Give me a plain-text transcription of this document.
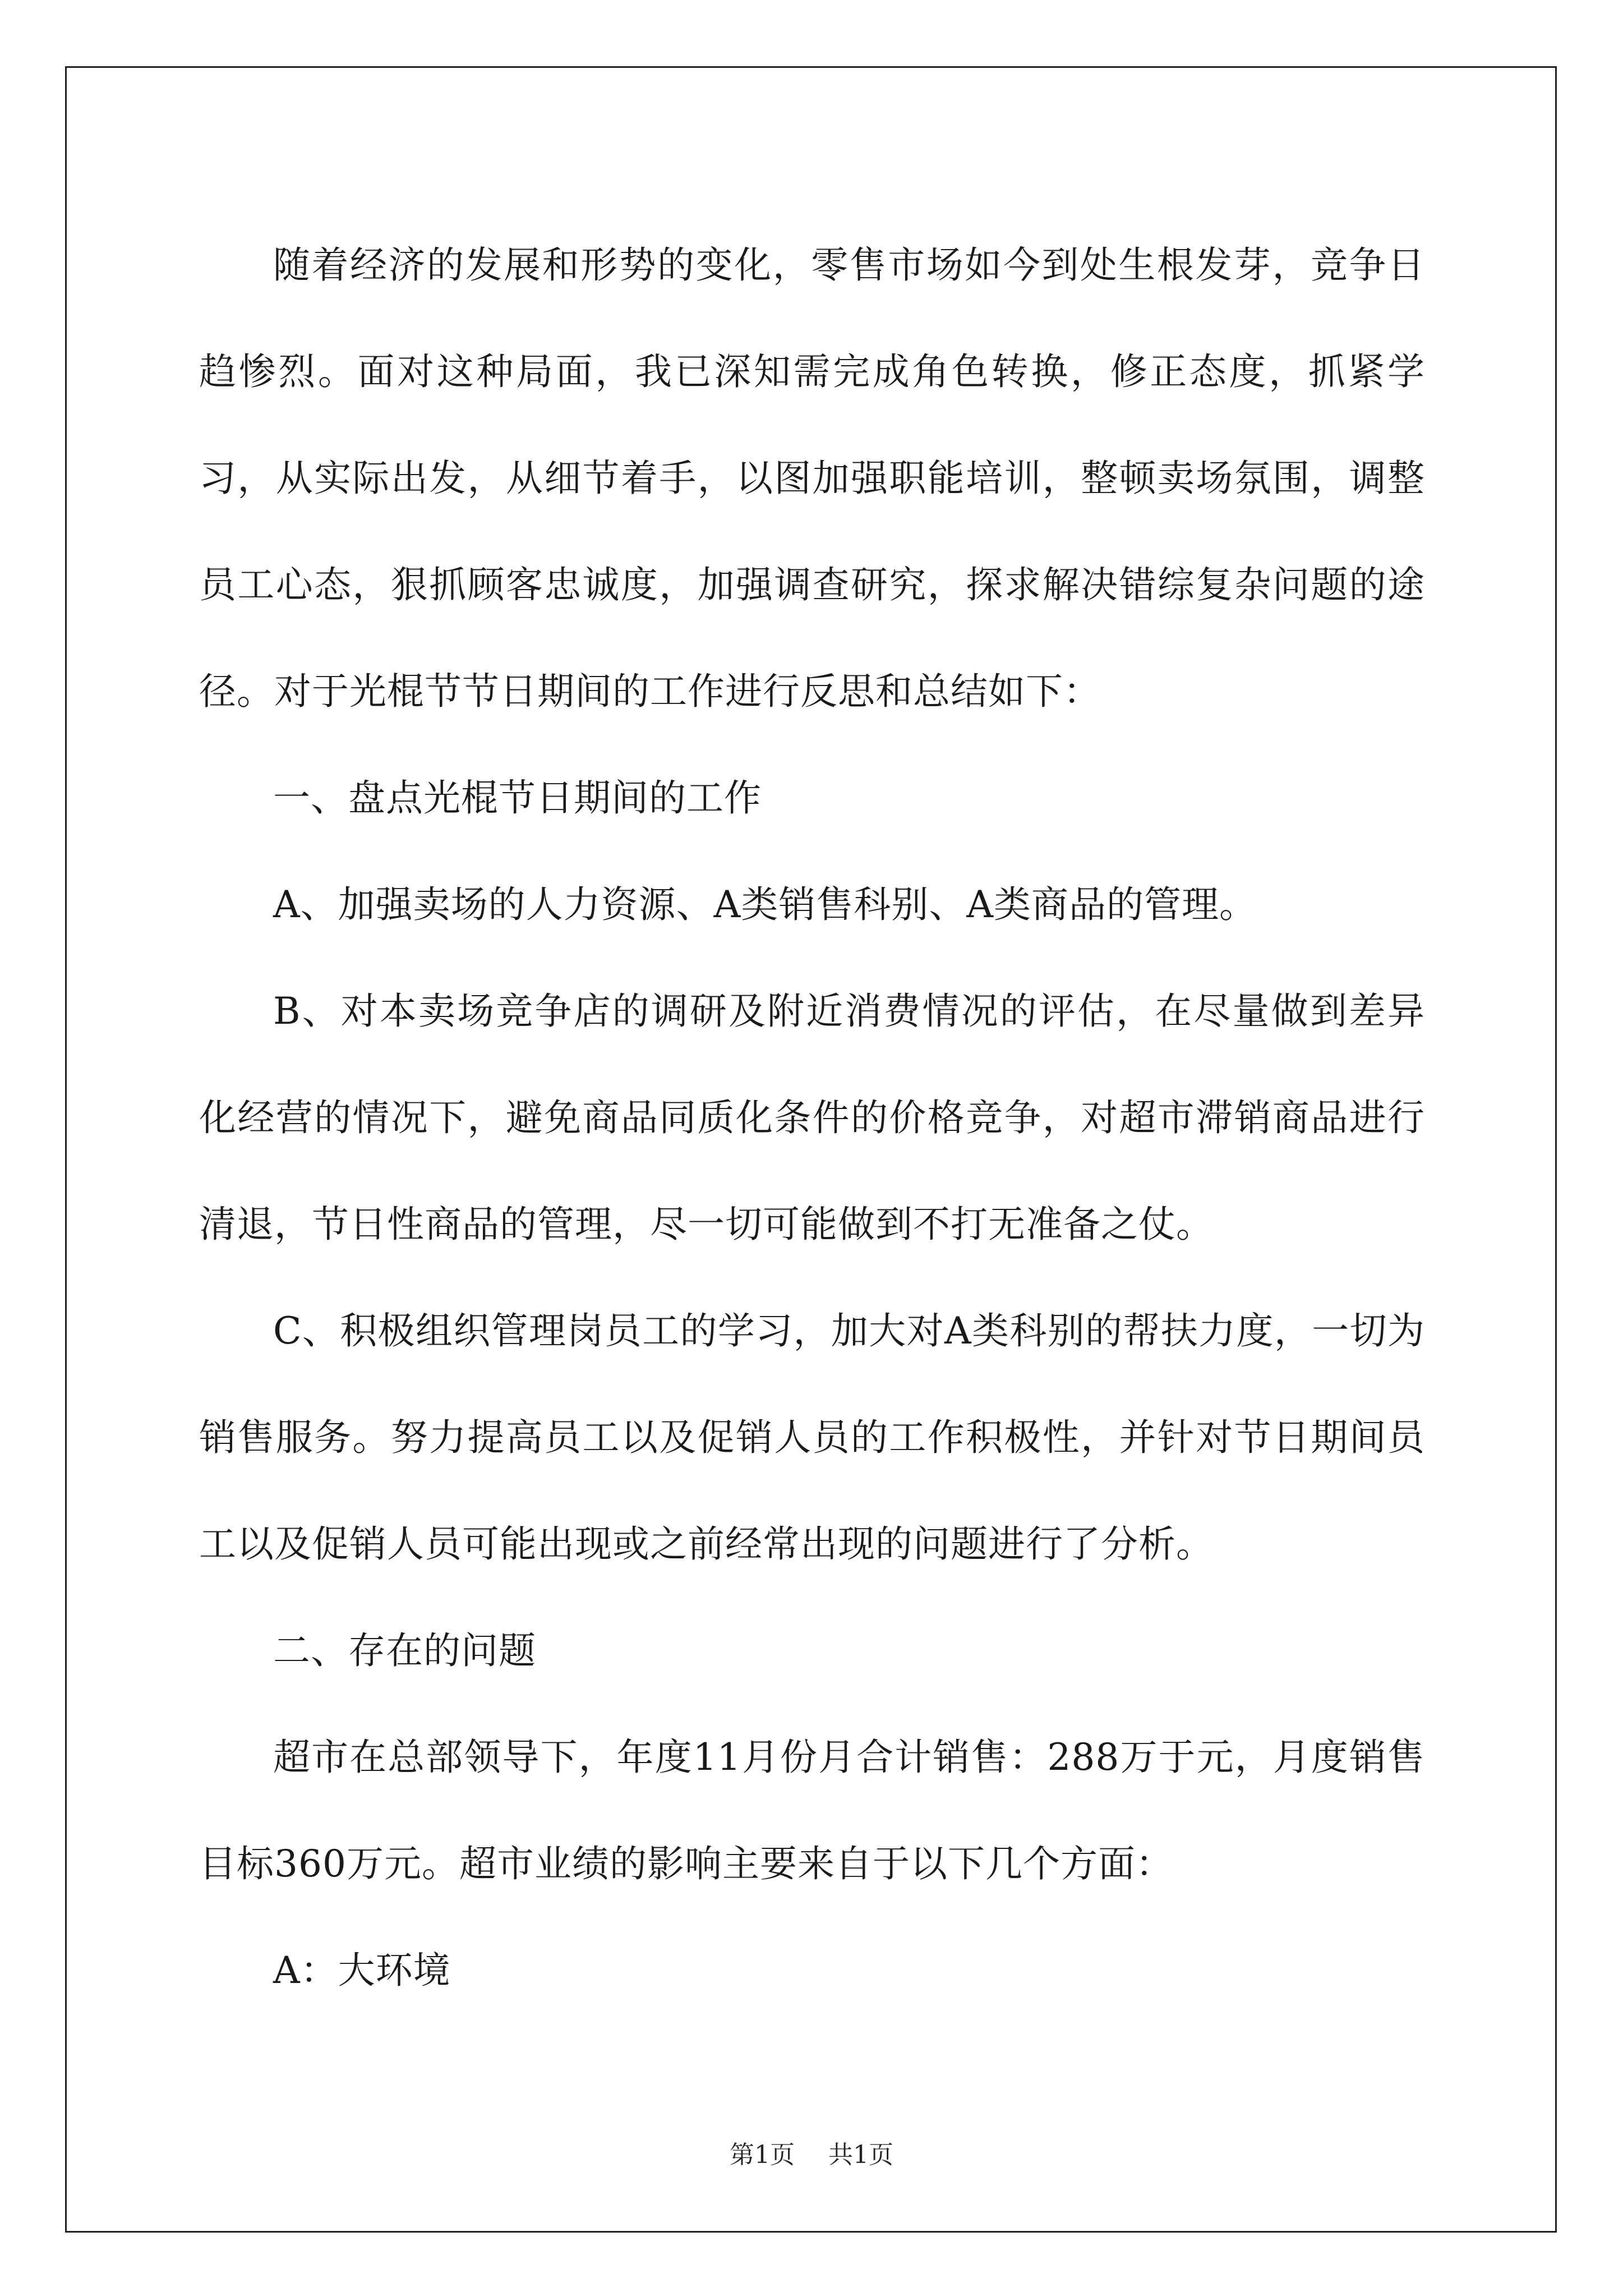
随着经济的发展和形势的变化，零售市场如今到处生根发芽，竞争日趋惨烈。面对这种局面，我已深知需完成角色转换，修正态度，抓紧学习，从实际出发，从细节着手，以图加强职能培训，整顿卖场氛围，调整员工心态，狠抓顾客忠诚度，加强调查研究，探求解决错综复杂问题的途径。对于光棍节节日期间的工作进行反思和总结如下：

一、盘点光棍节日期间的工作

A、加强卖场的人力资源、A类销售科别、A类商品的管理。

B、对本卖场竞争店的调研及附近消费情况的评估，在尽量做到差异化经营的情况下，避免商品同质化条件的价格竞争，对超市滞销商品进行清退，节日性商品的管理，尽一切可能做到不打无准备之仗。

C、积极组织管理岗员工的学习，加大对A类科别的帮扶力度，一切为销售服务。努力提高员工以及促销人员的工作积极性，并针对节日期间员工以及促销人员可能出现或之前经常出现的问题进行了分析。

二、存在的问题

超市在总部领导下，年度11月份月合计销售：288万于元，月度销售目标360万元。超市业绩的影响主要来自于以下几个方面：

A：大环境

第1页 共1页
